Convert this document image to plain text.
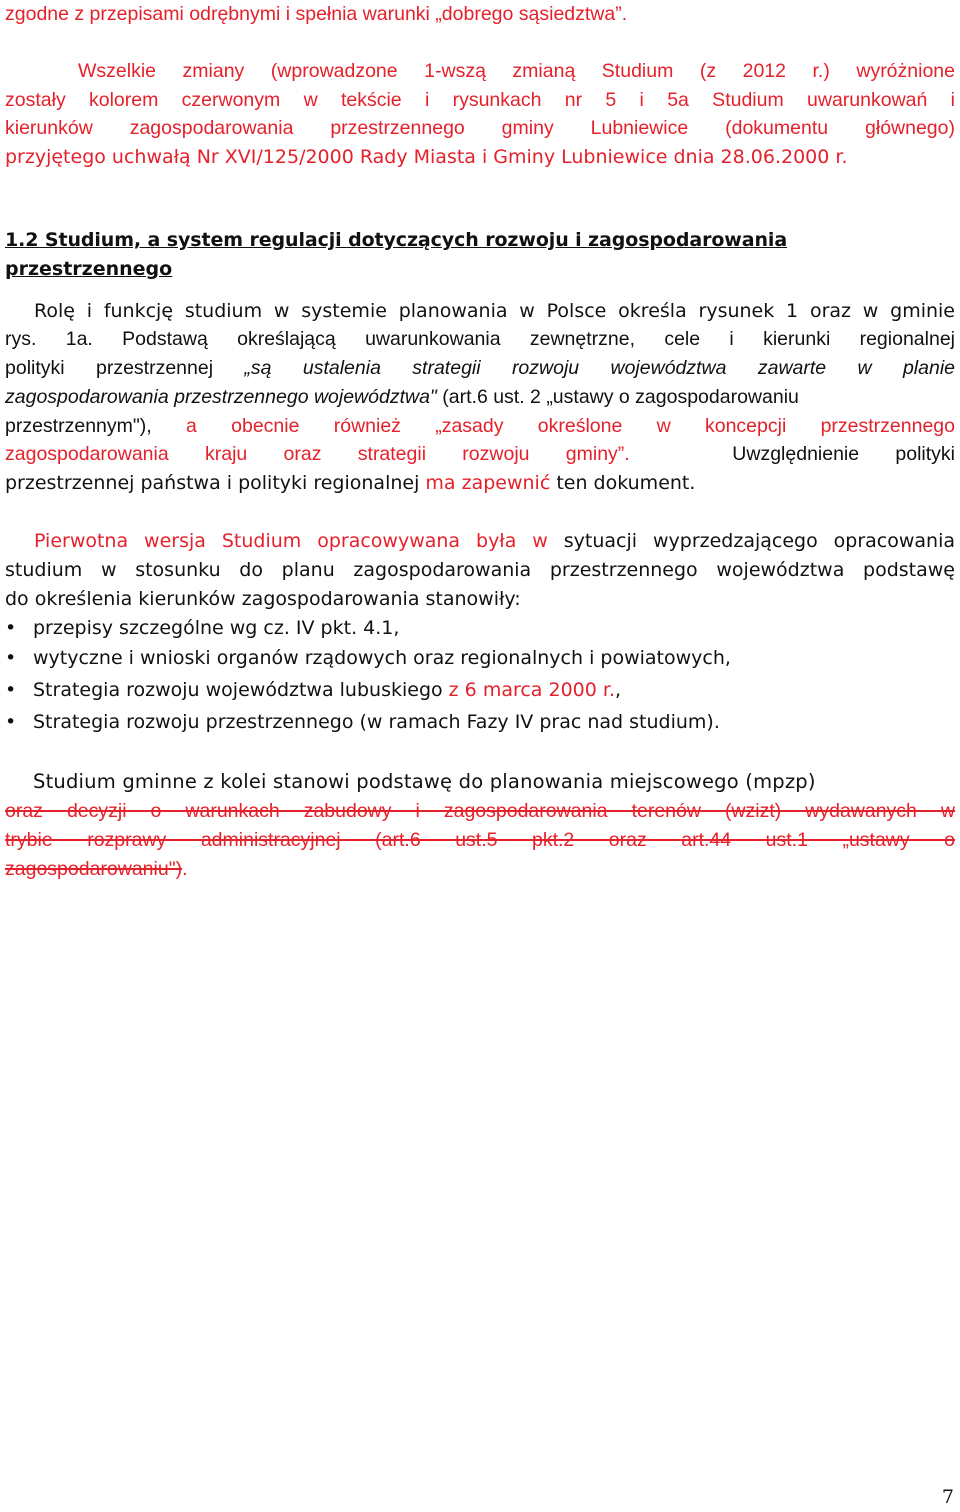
zgodne z przepisami odrębnymi i spełnia warunki „dobrego sąsiedztwa”.
Wszelkie zmiany (wprowadzone 1-wszą zmianą Studium (z 2012 r.) wyróżnione
zostały kolorem czerwonym w tekście i rysunkach nr 5 i 5a Studium uwarunkowań i
kierunków zagospodarowania przestrzennego gminy Lubniewice (dokumentu głównego)
przyjętego uchwałą Nr XVI/125/2000 Rady Miasta i Gminy Lubniewice dnia 28.06.2000 r.
1.2 Studium, a system regulacji dotyczących rozwoju i zagospodarowania
przestrzennego
Rolę i funkcję studium w systemie planowania w Polsce określa rysunek 1 oraz w gminie
rys. 1a. Podstawą określającą uwarunkowania zewnętrzne, cele i kierunki regionalnej
polityki przestrzennej „są ustalenia strategii rozwoju województwa zawarte w planie
zagospodarowania przestrzennego województwa" (art.6 ust. 2 „ustawy o zagospodarowaniu
przestrzennym"), a obecnie również „zasady określone w koncepcji przestrzennego
zagospodarowania kraju oraz strategii rozwoju gminy”.	Uwzględnienie polityki
przestrzennej państwa i polityki regionalnej ma zapewnić ten dokument.
Pierwotna wersja Studium opracowywana była w sytuacji wyprzedzającego opracowania
studium w stosunku do planu zagospodarowania przestrzennego województwa podstawę
do określenia kierunków zagospodarowania stanowiły:
• przepisy szczególne wg cz. IV pkt. 4.1,
• wytyczne i wnioski organów rządowych oraz regionalnych i powiatowych,
• Strategia rozwoju województwa lubuskiego z 6 marca 2000 r.,
• Strategia rozwoju przestrzennego (w ramach Fazy IV prac nad studium).
Studium gminne z kolei stanowi podstawę do planowania miejscowego (mpzp)
oraz decyzji o warunkach zabudowy i zagospodarowania terenów (wzizt) wydawanych w
trybie rozprawy administracyjnej (art.6 ust.5 pkt.2 oraz art.44 ust.1 „ustawy o
zagospodarowaniu").
7
